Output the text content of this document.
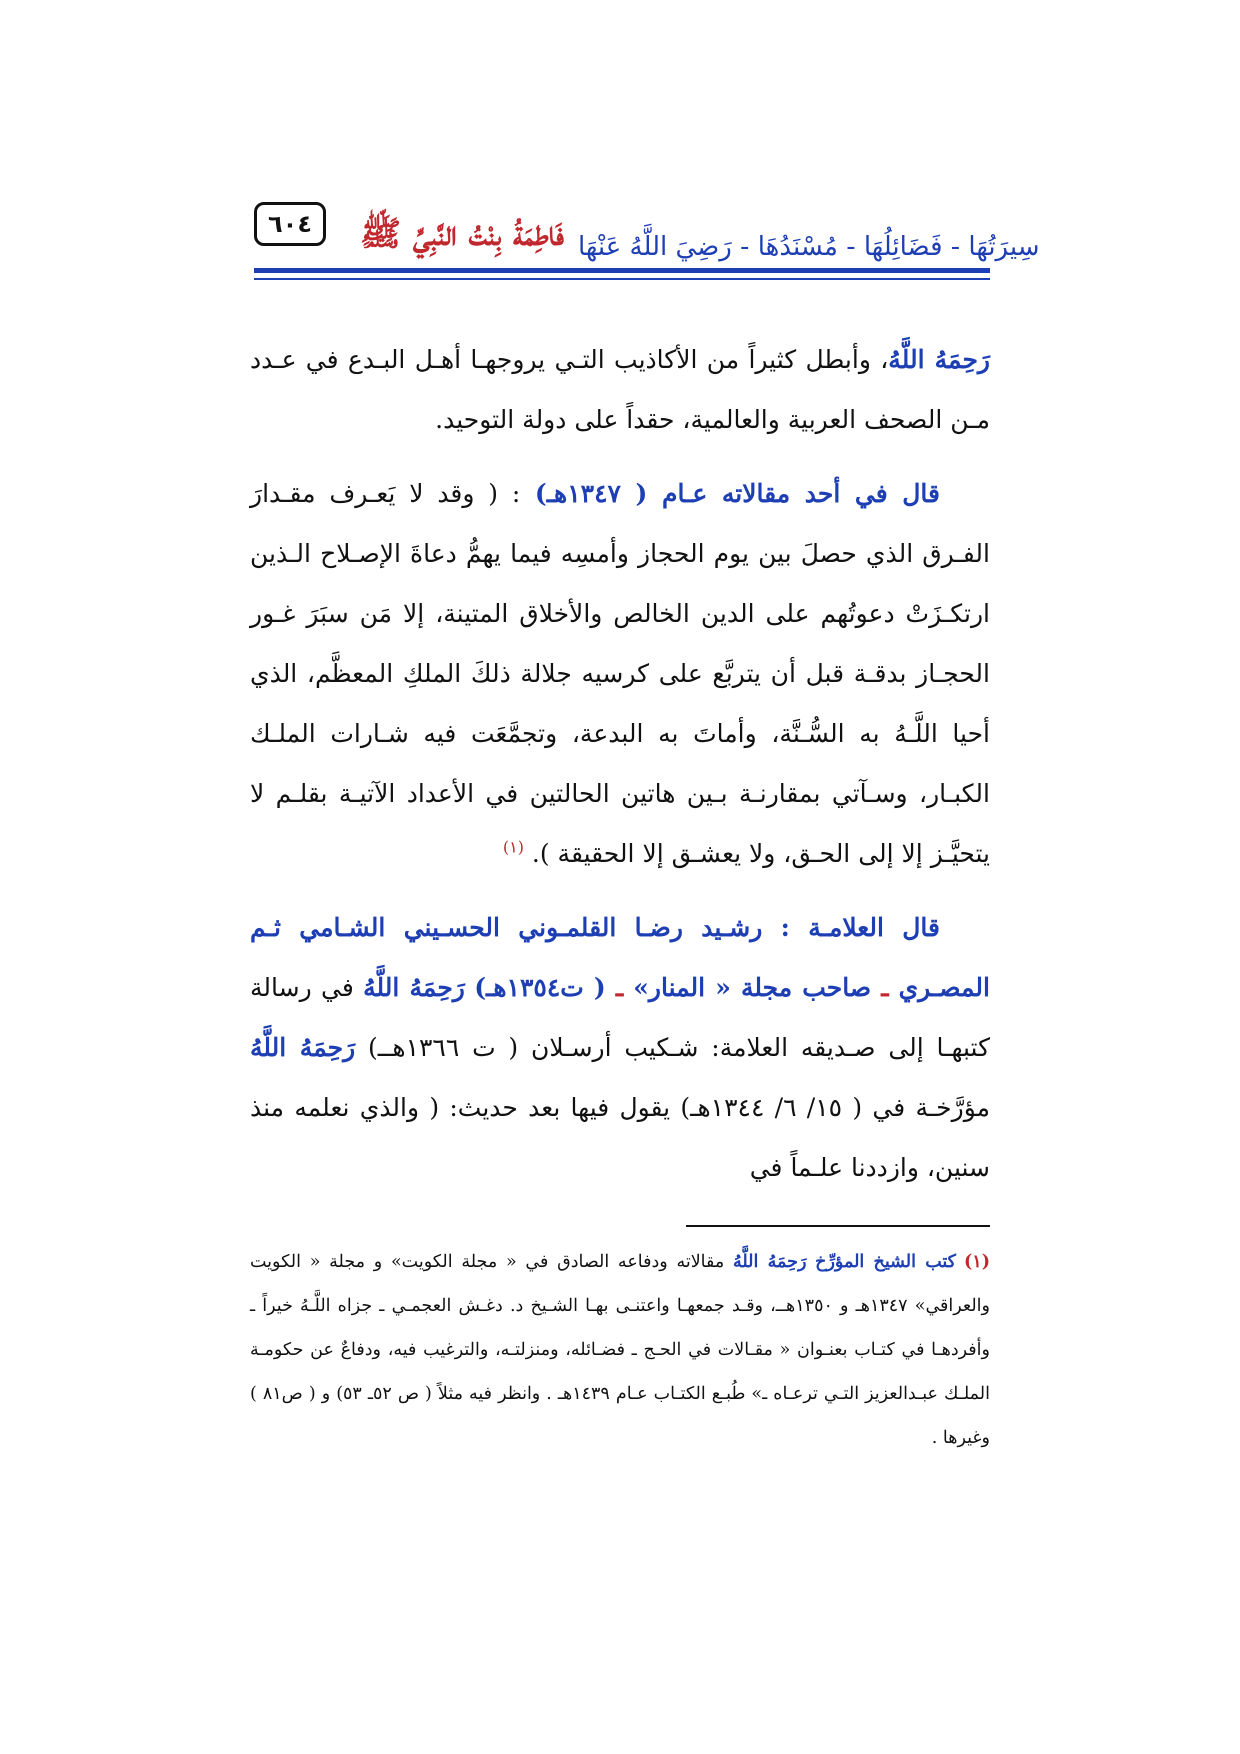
٦٠٤	فَاطِمَةُ بِنْتُ النَّبِيِّ ﷺ سِيرَتُهَا - فَضَائِلُهَا - مُسْنَدُهَا - رَضِيَ اللَّهُ عَنْهَا

رَحِمَهُ اللَّهُ، وأبطل كثيراً من الأكاذيب التـي يروجهـا أهـل البـدع في عـدد مـن الصحف العربية والعالمية، حقداً على دولة التوحيد.

قال في أحد مقالاته عـام ( ١٣٤٧هـ) : ( وقد لا يَعـرف مقـدارَ الفـرق الذي حصلَ بين يوم الحجاز وأمسِه فيما يهمُّ دعاةَ الإصـلاح الـذين ارتكـزَتْ دعوتُهم على الدين الخالص والأخلاق المتينة، إلا مَن سبَرَ غـور الحجـاز بدقـة قبل أن يتربَّع على كرسيه جلالة ذلكَ الملكِ المعظَّم، الذي أحيا اللَّـهُ به السُّـنَّة، وأماتَ به البدعة، وتجمَّعَت فيه شـارات الملـك الكبـار، وسـآتي بمقارنـة بـين هاتين الحالتين في الأعداد الآتيـة بقلـم لا يتحيَّـز إلا إلى الحـق، ولا يعشـق إلا الحقيقة ). $^{(١)}$

قال العلامـة : رشـيد رضـا القلمـوني الحسـيني الشـامي ثـم المصـري ـ صاحب مجلة « المنار» ـ ( ت١٣٥٤هـ) رَحِمَهُ اللَّهُ في رسالة كتبهـا إلى صـديقه العلامة: شـكيب أرسـلان ( ت ١٣٦٦هــ) رَحِمَهُ اللَّهُ مؤرَّخـة في ( ١٥/ ٦/ ١٣٤٤هـ) يقول فيها بعد حديث: ( والذي نعلمه منذ سنين، وازددنا علـماً في

(١)كتب الشيخ المؤرِّخ رَحِمَهُ اللَّهُ مقالاته ودفاعه الصادق في « مجلة الكويت» و مجلة « الكويت والعراقي» ١٣٤٧هـ و ١٣٥٠هــ، وقـد جمعهـا واعتنـى بهـا الشـيخ د. دغـش العجمـي ـ جزاه اللَّـهُ خيراً ـ وأفردهـا في كتـاب بعنـوان « مقـالات في الحـج ـ فضـائله، ومنزلتـه، والترغيب فيه، ودفاعٌ عن حكومـة الملـك عبـدالعزيز التـي ترعـاه ـ» طُبـع الكتـاب عـام ١٤٣٩هـ . وانظر فيه مثلاً ( ص ٥٢ـ ٥٣) و ( ص٨١ ) وغيرها .
